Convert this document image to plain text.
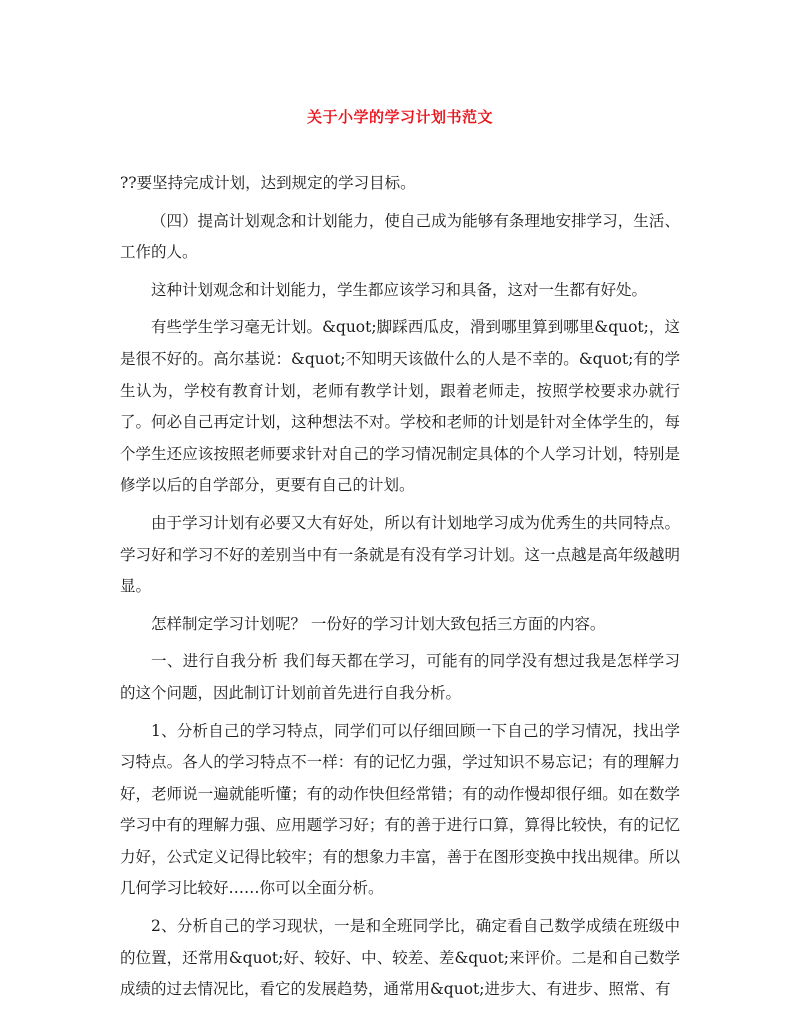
关于小学的学习计划书范文

??要坚持完成计划，达到规定的学习目标。

（四）提高计划观念和计划能力，使自己成为能够有条理地安排学习，生活、工作的人。

这种计划观念和计划能力，学生都应该学习和具备，这对一生都有好处。

有些学生学习毫无计划。&quot;脚踩西瓜皮，滑到哪里算到哪里&quot;，这是很不好的。高尔基说：&quot;不知明天该做什么的人是不幸的。&quot;有的学生认为，学校有教育计划，老师有教学计划，跟着老师走，按照学校要求办就行了。何必自己再定计划，这种想法不对。学校和老师的计划是针对全体学生的，每个学生还应该按照老师要求针对自己的学习情况制定具体的个人学习计划，特别是修学以后的自学部分，更要有自己的计划。

由于学习计划有必要又大有好处，所以有计划地学习成为优秀生的共同特点。学习好和学习不好的差别当中有一条就是有没有学习计划。这一点越是高年级越明显。

怎样制定学习计划呢？ 一份好的学习计划大致包括三方面的内容。

一、进行自我分析 我们每天都在学习，可能有的同学没有想过我是怎样学习的这个问题，因此制订计划前首先进行自我分析。

1、分析自己的学习特点，同学们可以仔细回顾一下自己的学习情况，找出学习特点。各人的学习特点不一样：有的记忆力强，学过知识不易忘记；有的理解力好，老师说一遍就能听懂；有的动作快但经常错；有的动作慢却很仔细。如在数学学习中有的理解力强、应用题学习好；有的善于进行口算，算得比较快，有的记忆力好，公式定义记得比较牢；有的想象力丰富，善于在图形变换中找出规律。所以几何学习比较好……你可以全面分析。

2、分析自己的学习现状，一是和全班同学比，确定看自己数学成绩在班级中的位置，还常用&quot;好、较好、中、较差、差&quot;来评价。二是和自己数学成绩的过去情况比，看它的发展趋势，通常用&quot;进步大、有进步、照常、有
